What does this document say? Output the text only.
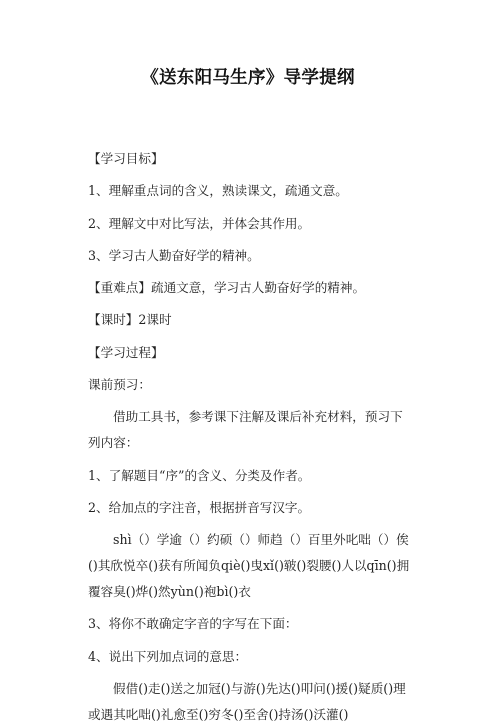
《送东阳马生序》导学提纲

【学习目标】

1、理解重点词的含义，熟读课文，疏通文意。

2、理解文中对比写法，并体会其作用。

3、学习古人勤奋好学的精神。

【重难点】疏通文意，学习古人勤奋好学的精神。

【课时】2课时

【学习过程】

课前预习：

借助工具书，参考课下注解及课后补充材料，预习下列内容：

1、了解题目“序”的含义、分类及作者。

2、给加点的字注音，根据拼音写汉字。

shì（）学逾（）约硕（）师趋（）百里外叱咄（）俟()其欣悦卒()获有所闻负qiè()曳xǐ()皲()裂腰()人以qīn()拥覆容臭()烨()然yùn()袍bì()衣

3、将你不敢确定字音的字写在下面：

4、说出下列加点词的意思：

假借()走()送之加冠()与游()先达()叩问()援()疑质()理或遇其叱咄()礼愈至()穷冬()至舍()持汤()沃灌()
